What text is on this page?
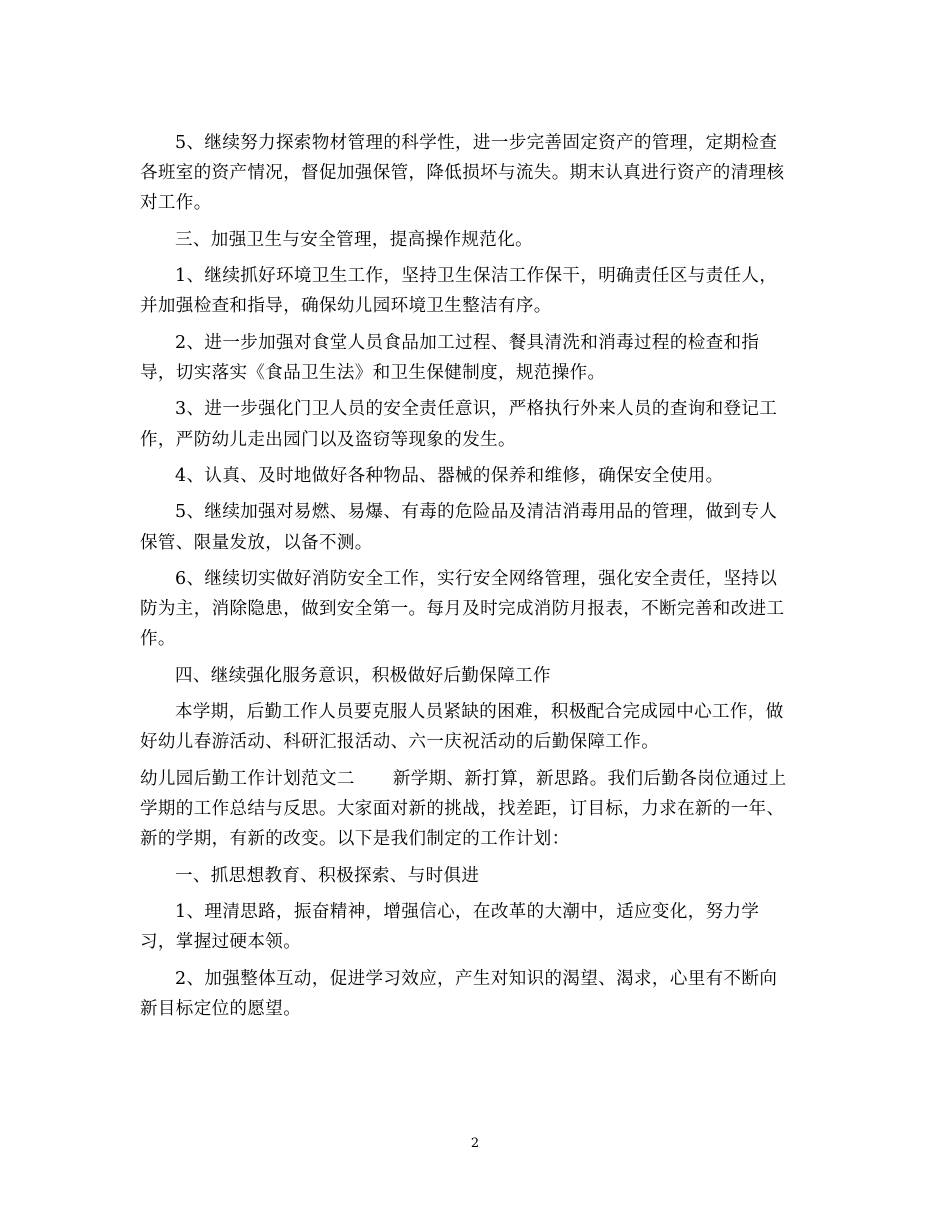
5、继续努力探索物材管理的科学性，进一步完善固定资产的管理，定期检查
各班室的资产情况，督促加强保管，降低损坏与流失。期末认真进行资产的清理核
对工作。

三、加强卫生与安全管理，提高操作规范化。

1、继续抓好环境卫生工作，坚持卫生保洁工作保干，明确责任区与责任人，
并加强检查和指导，确保幼儿园环境卫生整洁有序。

2、进一步加强对食堂人员食品加工过程、餐具清洗和消毒过程的检查和指
导，切实落实《食品卫生法》和卫生保健制度，规范操作。

3、进一步强化门卫人员的安全责任意识，严格执行外来人员的查询和登记工
作，严防幼儿走出园门以及盗窃等现象的发生。

4、认真、及时地做好各种物品、器械的保养和维修，确保安全使用。

5、继续加强对易燃、易爆、有毒的危险品及清洁消毒用品的管理，做到专人
保管、限量发放，以备不测。

6、继续切实做好消防安全工作，实行安全网络管理，强化安全责任，坚持以
防为主，消除隐患，做到安全第一。每月及时完成消防月报表，不断完善和改进工
作。

四、继续强化服务意识，积极做好后勤保障工作

本学期，后勤工作人员要克服人员紧缺的困难，积极配合完成园中心工作，做
好幼儿春游活动、科研汇报活动、六一庆祝活动的后勤保障工作。

幼儿园后勤工作计划范文二 新学期、新打算，新思路。我们后勤各岗位通过上
学期的工作总结与反思。大家面对新的挑战，找差距，订目标，力求在新的一年、
新的学期，有新的改变。以下是我们制定的工作计划：

一、抓思想教育、积极探索、与时俱进

1、理清思路，振奋精神，增强信心，在改革的大潮中，适应变化，努力学
习，掌握过硬本领。

2、加强整体互动，促进学习效应，产生对知识的渴望、渴求，心里有不断向
新目标定位的愿望。

2
